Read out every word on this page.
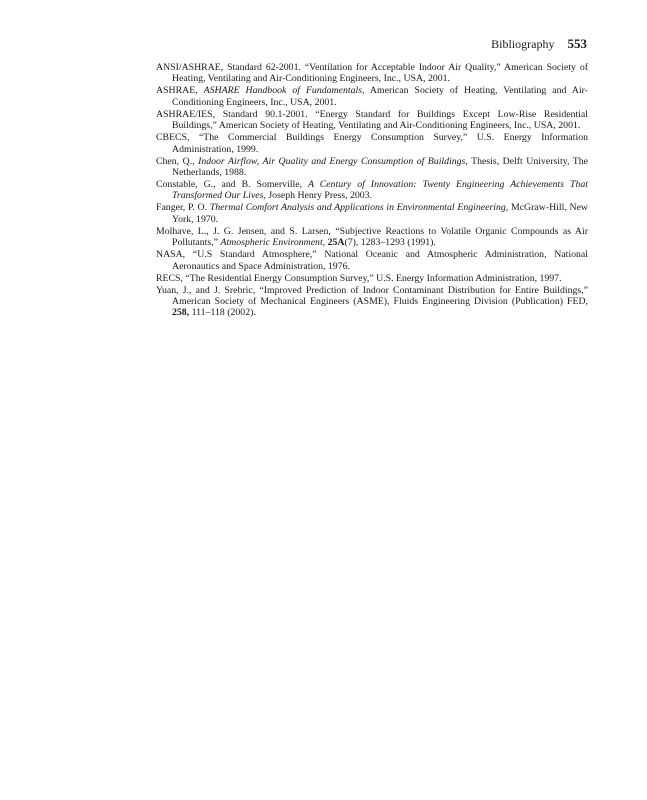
Bibliography 553
ANSI/ASHRAE, Standard 62-2001. “Ventilation for Acceptable Indoor Air Quality,” American Society of Heating, Ventilating and Air-Conditioning Engineers, Inc., USA, 2001.
ASHRAE, ASHARE Handbook of Fundamentals, American Society of Heating, Ventilating and Air-Conditioning Engineers, Inc., USA, 2001.
ASHRAE/IES, Standard 90.1-2001. “Energy Standard for Buildings Except Low-Rise Residential Buildings,” American Society of Heating, Ventilating and Air-Conditioning Engineers, Inc., USA, 2001.
CBECS, “The Commercial Buildings Energy Consumption Survey,” U.S. Energy Information Administration, 1999.
Chen, Q., Indoor Airflow, Air Quality and Energy Consumption of Buildings, Thesis, Delft University, The Netherlands, 1988.
Constable, G., and B. Somerville, A Century of Innovation: Twenty Engineering Achievements That Transformed Our Lives, Joseph Henry Press, 2003.
Fanger, P. O. Thermal Comfort Analysis and Applications in Environmental Engineering, McGraw-Hill, New York, 1970.
Molhave, L., J. G. Jensen, and S. Larsen, “Subjective Reactions to Volatile Organic Compounds as Air Pollutants,” Atmospheric Environment, 25A(7), 1283–1293 (1991).
NASA, “U.S Standard Atmosphere,” National Oceanic and Atmospheric Administration, National Aeronautics and Space Administration, 1976.
RECS, “The Residential Energy Consumption Survey,” U.S. Energy Information Administration, 1997.
Yuan, J., and J. Srebric, “Improved Prediction of Indoor Contaminant Distribution for Entire Buildings,” American Society of Mechanical Engineers (ASME), Fluids Engineering Division (Publication) FED, 258, 111–118 (2002).
